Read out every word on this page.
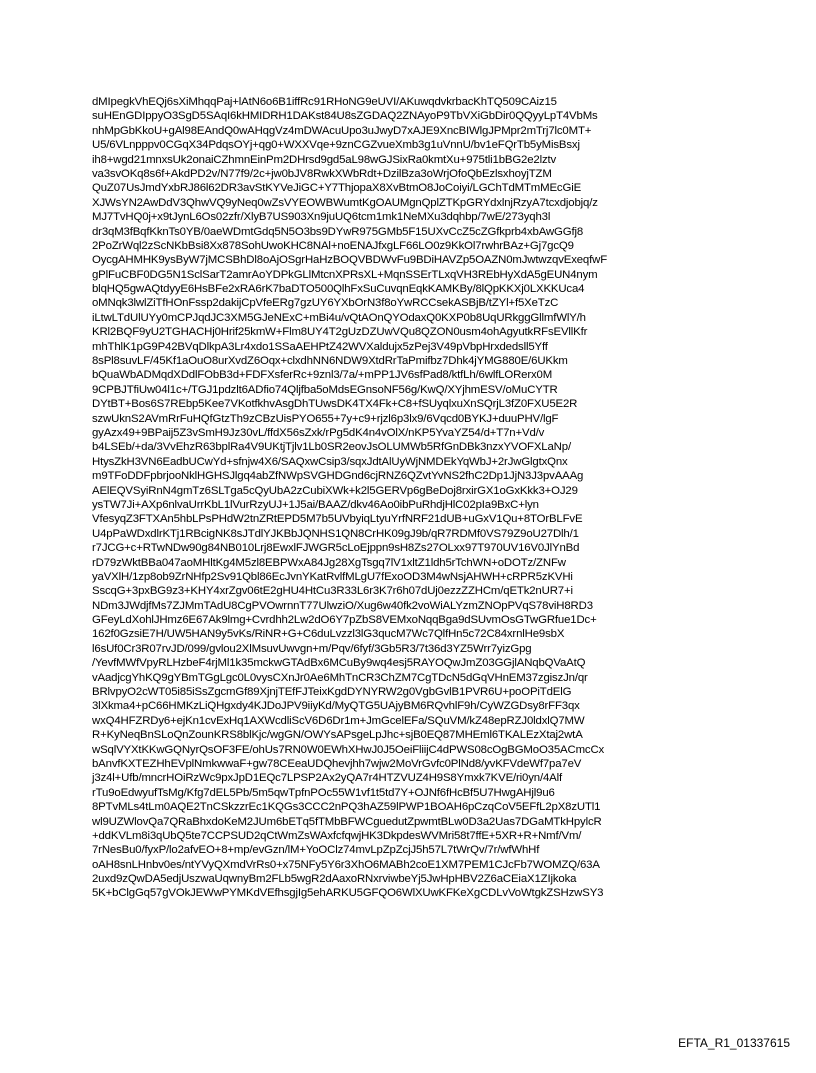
dMIpegkVhEQj6sXiMhqqPaj+lAtN6o6B1iffRc91RHoNG9eUVI/AKuwqdvkrbacKhTQ509CAiz15
suHEnGDIppyO3SgD5SAqI6kHMIDRH1DAKst84U8sZGDAQ2ZNAyoP9TbVXiGbDir0QQyyLpT4VbMs
nhMpGbKkoU+gAl98EAndQ0wAHqgVz4mDWAcuUpo3uJwyD7xAJE9XncBIWlgJPMpr2mTrj7lc0MT+
U5/6VLnpppv0CGqX34PdqsOYj+qg0+WXXVqe+9znCGZvueXmb3g1uVnnU/bv1eFQrTb5yMisBsxj
ih8+wgd21mnxsUk2onaiCZhmnEinPm2DHrsd9gd5aL98wGJSixRa0kmtXu+975tli1bBG2e2lztv
va3svOKq8s6f+AkdPD2v/N77f9/2c+jw0bJV8RwkXWbRdt+DzilBza3oWrjOfoQbEzlsxhoyjTZM
QuZ07UsJmdYxbRJ86l62DR3avStKYVeJiGC+Y7ThjopaX8XvBtmO8JoCoiyi/LGChTdMTmMEcGiE
XJWsYN2AwDdV3QhwVQ9yNeq0wZsVYEOWBWumtKgOAUMgnQplZTKpGRYdxlnjRzyA7tcxdjobjq/z
MJ7TvHQ0j+x9tJynL6Os02zfr/XlyB7US903Xn9juUQ6tcm1mk1NeMXu3dqhbp/7wE/273yqh3l
dr3qM3fBqfKknTs0YB/0aeWDmtGdq5N5O3bs9DYwR975GMb5F15UXvCcZ5cZGfkprb4xbAwGGfj8
2PoZrWql2zScNKbBsi8Xx878SohUwoKHC8NAl+noENAJfxgLF66LO0z9KkOl7rwhrBAz+Gj7gcQ9
OycgAHMHK9ysByW7jMCSBhDl8oAjOSgrHaHzBOQVBDWvFu9BDiHAVZp5OAZN0mJwtwzqvExeqfwF
gPlFuCBF0DG5N1SclSarT2amrAoYDPkGLlMtcnXPRsXL+MqnSSErTLxqVH3REbHyXdA5gEUN4nym
blqHQ5gwAQtdyyE6HsBFe2xRA6rK7baDTO500QlhFxSuCuvqnEqkKAMKBy/8lQpKKXj0LXKKUca4
oMNqk3lwlZiTfHOnFssp2dakijCpVfeERg7gzUY6YXbOrN3f8oYwRCCsekASBjB/tZYl+f5XeTzC
iLtwLTdUlUYy0mCPJqdJC3XM5GJeNExC+mBi4u/vQtAOnQYOdaxQ0KXP0b8UqURkggGllmfWlY/h
KRl2BQF9yU2TGHACHj0Hrif25kmW+Flm8UY4T2gUzDZUwVQu8QZON0usm4ohAgyutkRFsEVllKfr
mhThlK1pG9P42BVqDlkpA3Lr4xdo1SSaAEHPtZ42WVXaldujx5zPej3V49pVbpHrxdedsll5Yff
8sPl8suvLF/45Kf1aOuO8urXvdZ6Oqx+clxdhNN6NDW9XtdRrTaPmifbz7Dhk4jYMG880E/6UKkm
bQuaWbADMqdXDdlFObB3d+FDFXsferRc+9znl3/7a/+mPP1JV6sfPad8/ktfLh/6wlfLORerx0M
9CPBJTfiUw04l1c+/TGJ1pdzlt6ADfio74Qljfba5oMdsEGnsoNF56g/KwQ/XYjhmESV/oMuCYTR
DYtBT+Bos6S7REbp5Kee7VKotfkhvAsgDhTUwsDK4TX4Fk+C8+fSUyqlxuXnSQrjL3fZ0FXU5E2R
szwUknS2AVmRrFuHQfGtzTh9zCBzUisPYO655+7y+c9+rjzl6p3lx9/6Vqcd0BYKJ+duuPHV/lgF
gyAzx49+9BPaij5Z3vSmH9Jz30vL/ffdX56sZxk/rPg5dK4n4vOlX/nKP5YvaYZ54/d+T7n+Vd/v
b4LSEb/+da/3VvEhzR63bplRa4V9UKtjTjlv1Lb0SR2eovJsOLUMWb5RfGnDBk3nzxYVOFXLaNp/
HtysZkH3VN6EadbUCwYd+sfnjw4X6/SAQxwCsip3/sqxJdtAlUyWjNMDEkYqWbJ+2rJwGlgtxQnx
m9TFoDDFpbrjooNklHGHSJlgq4abZfNWpSVGHDGnd6cjRNZ6QZvtYvNS2fhC2Dp1JjN3J3pvAAAg
AElEQVSyiRnN4gmTz6SLTga5cQyUbA2zCubiXWk+k2l5GERVp6gBeDoj8rxirGX1oGxKkk3+OJ29
ysTW7Ji+AXp6nlvaUrrKbL1lVurRzyUJ+1J5ai/BAAZ/dkv46Ao0ibPuRhdjHlC02pIa9BxC+lyn
VfesyqZ3FTXAn5hbLPsPHdW2tnZRtEPD5M7b5UVbyiqLtyuYrfNRF21dUB+uGxV1Qu+8TOrBLFvE
U4pPaWDxdlrKTj1RBcigNK8sJTdlYJKBbJQNHS1QN8CrHK09gJ9b/qR7RDMf0VS79Z9oU27Dlh/1
r7JCG+c+RTwNDw90g84NB010Lrj8EwxlFJWGR5cLoEjppn9sH8Zs27OLxx97T970UV16V0JlYnBd
rD79zWktBBa047aoMHltKg4M5zl8EBPWxA84Jg28XgTsgq7lV1xltZ1ldh5rTchWN+oDOTz/ZNFw
yaVXlH/1zp8ob9ZrNHfp2Sv91Qbl86EcJvnYKatRvlfMLgU7fExoOD3M4wNsjAHWH+cRPR5zKVHi
SscqG+3pxBG9z3+KHY4xrZgv06tE2gHU4HtCu3R33L6r3K7r6h07dUj0ezzZZHCm/qETk2nUR7+i
NDm3JWdjfMs7ZJMmTAdU8CgPVOwrnnT77UlwziO/Xug6w40fk2voWiALYzmZNOpPVqS78viH8RD3
GFeyLdXohlJHmz6E67Ak9lmg+Cvrdhh2Lw2dO6Y7pZbS8VEMxoNqqBga9dSUvmOsGTwGRfue1Dc+
162f0GzsiE7H/UW5HAN9y5vKs/RiNR+G+C6duLvzzl3lG3qucM7Wc7QlfHn5c72C84xrnlHe9sbX
l6sUf0Cr3R07rvJD/099/gvlou2XlMsuvUwvgn+m/Pqv/6fyf/3Gb5R3/7t36d3YZ5Wrr7yizGpg
/YevfMWfVpyRLHzbeF4rjMl1k35mckwGTAdBx6MCuBy9wq4esj5RAYOQwJmZ03GGjlANqbQVaAtQ
vAadjcgYhKQ9gYBmTGgLgc0L0vysCXnJr0Ae6MhTnCR3ChZM7CgTDcN5dGqVHnEM37zgiszJn/qr
BRlvpyO2cWT05i85iSsZgcmGf89XjnjTEfFJTeixKgdDYNYRW2g0VgbGvlB1PVR6U+poOPiTdElG
3lXkma4+pC66HMKzLiQHgxdy4KJDoJPV9iiyKd/MyQTG5UAjyBM6RQvhlF9h/CyWZGDsy8rFF3qx
wxQ4HFZRDy6+ejKn1cvExHq1AXWcdliScV6D6Dr1m+JmGcelEFa/SQuVM/kZ48epRZJ0ldxlQ7MW
R+KyNeqBnSLoQnZounKRS8blKjc/wgGN/OWYsAPsgeLpJhc+sjB0EQ87MHEml6TKALEzXtaj2wtA
wSqlVYXtKKwGQNyrQsOF3FE/ohUs7RN0W0EWhXHwJ0J5OeiFliijC4dPWS08cOgBGMoO35ACmcCx
bAnvfKXTEZHhEVplNmkwwaF+gw78CEeaUDQhevjhh7wjw2MoVrGvfc0PlNd8/yvKFVdeWf7pa7eV
j3z4l+Ufb/mncrHOiRzWc9pxJpD1EQc7LPSP2Ax2yQA7r4HTZVUZ4H9S8Ymxk7KVE/ri0yn/4Alf
rTu9oEdwyufTsMg/Kfg7dEL5Pb/5m5qwTpfnPOc55W1vf1t5td7Y+OJNf6fHcBf5U7HwgAHjl9u6
8PTvMLs4tLm0AQE2TnCSkzzrEc1KQGs3CCC2nPQ3hAZ59lPWP1BOAH6pCzqCoV5EFfL2pX8zUTl1
wl9UZWlovQa7QRaBhxdoKeM2JUm6bETq5fTMbBFWCguedutZpwmtBLw0D3a2Uas7DGaMTkHpylcR
+ddKVLm8i3qUbQ5te7CCPSUD2qCtWmZsWAxfcfqwjHK3DkpdesWVMri58t7ffE+5XR+R+Nmf/Vm/
7rNesBu0/fyxP/lo2afvEO+8+mp/evGzn/lM+YoOClz74mvLpZpZcjJ5h57L7tWrQv/7r/wfWhHf
oAH8snLHnbv0es/ntYVyQXmdVrRs0+x75NFy5Y6r3XhO6MABh2coE1XM7PEM1CJcFb7WOMZQ/63A
2uxd9zQwDA5edjUszwaUqwnyBm2FLb5wgR2dAaxoRNxrviwbeYj5JwHpHBV2Z6aCEiaX1ZIjkoka
5K+bClgGq57gVOkJEWwPYMKdVEfhsgjIg5ehARKU5GFQO6WlXUwKFKeXgCDLvVoWtgkZSHzwSY3
EFTA_R1_01337615
